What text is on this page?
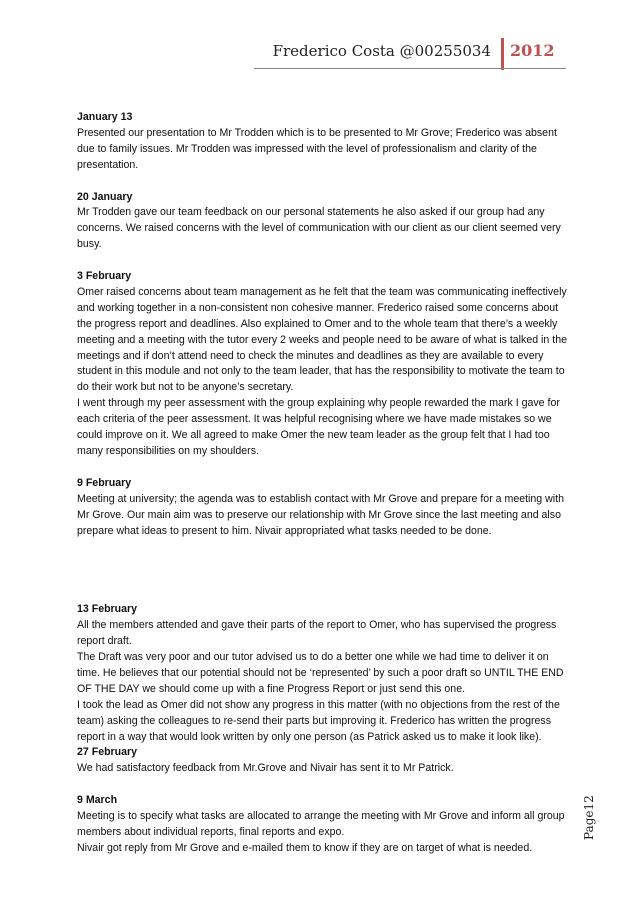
Frederico Costa @00255034 2012
January 13

Presented our presentation to Mr Trodden which is to be presented to Mr Grove; Frederico was absent due to family issues. Mr Trodden was impressed with the level of professionalism and clarity of the presentation.

20 January

Mr Trodden gave our team feedback on our personal statements he also asked if our group had any concerns. We raised concerns with the level of communication with our client as our client seemed very busy.

3 February

Omer raised concerns about team management as he felt that the team was communicating ineffectively and working together in a non-consistent non cohesive manner. Frederico raised some concerns about the progress report and deadlines. Also explained to Omer and to the whole team that there’s a weekly meeting and a meeting with the tutor every 2 weeks and people need to be aware of what is talked in the meetings and if don’t attend need to check the minutes and deadlines as they are available to every student in this module and not only to the team leader, that has the responsibility to motivate the team to do their work but not to be anyone’s secretary.

I went through my peer assessment with the group explaining why people rewarded the mark I gave for each criteria of the peer assessment. It was helpful recognising where we have made mistakes so we could improve on it. We all agreed to make Omer the new team leader as the group felt that I had too many responsibilities on my shoulders.

9 February

Meeting at university; the agenda was to establish contact with Mr Grove and prepare for a meeting with Mr Grove. Our main aim was to preserve our relationship with Mr Grove since the last meeting and also prepare what ideas to present to him. Nivair appropriated what tasks needed to be done.

13 February

All the members attended and gave their parts of the report to Omer, who has supervised the progress report draft.

The Draft was very poor and our tutor advised us to do a better one while we had time to deliver it on time. He believes that our potential should not be ‘represented’ by such a poor draft so UNTIL THE END OF THE DAY we should come up with a fine Progress Report or just send this one.

I took the lead as Omer did not show any progress in this matter (with no objections from the rest of the team) asking the colleagues to re-send their parts but improving it. Frederico has written the progress report in a way that would look written by only one person (as Patrick asked us to make it look like).

27 February

We had satisfactory feedback from Mr.Grove and Nivair has sent it to Mr Patrick.

9 March

Meeting is to specify what tasks are allocated to arrange the meeting with Mr Grove and inform all group members about individual reports, final reports and expo.

Nivair got reply from Mr Grove and e-mailed them to know if they are on target of what is needed.

Page12
